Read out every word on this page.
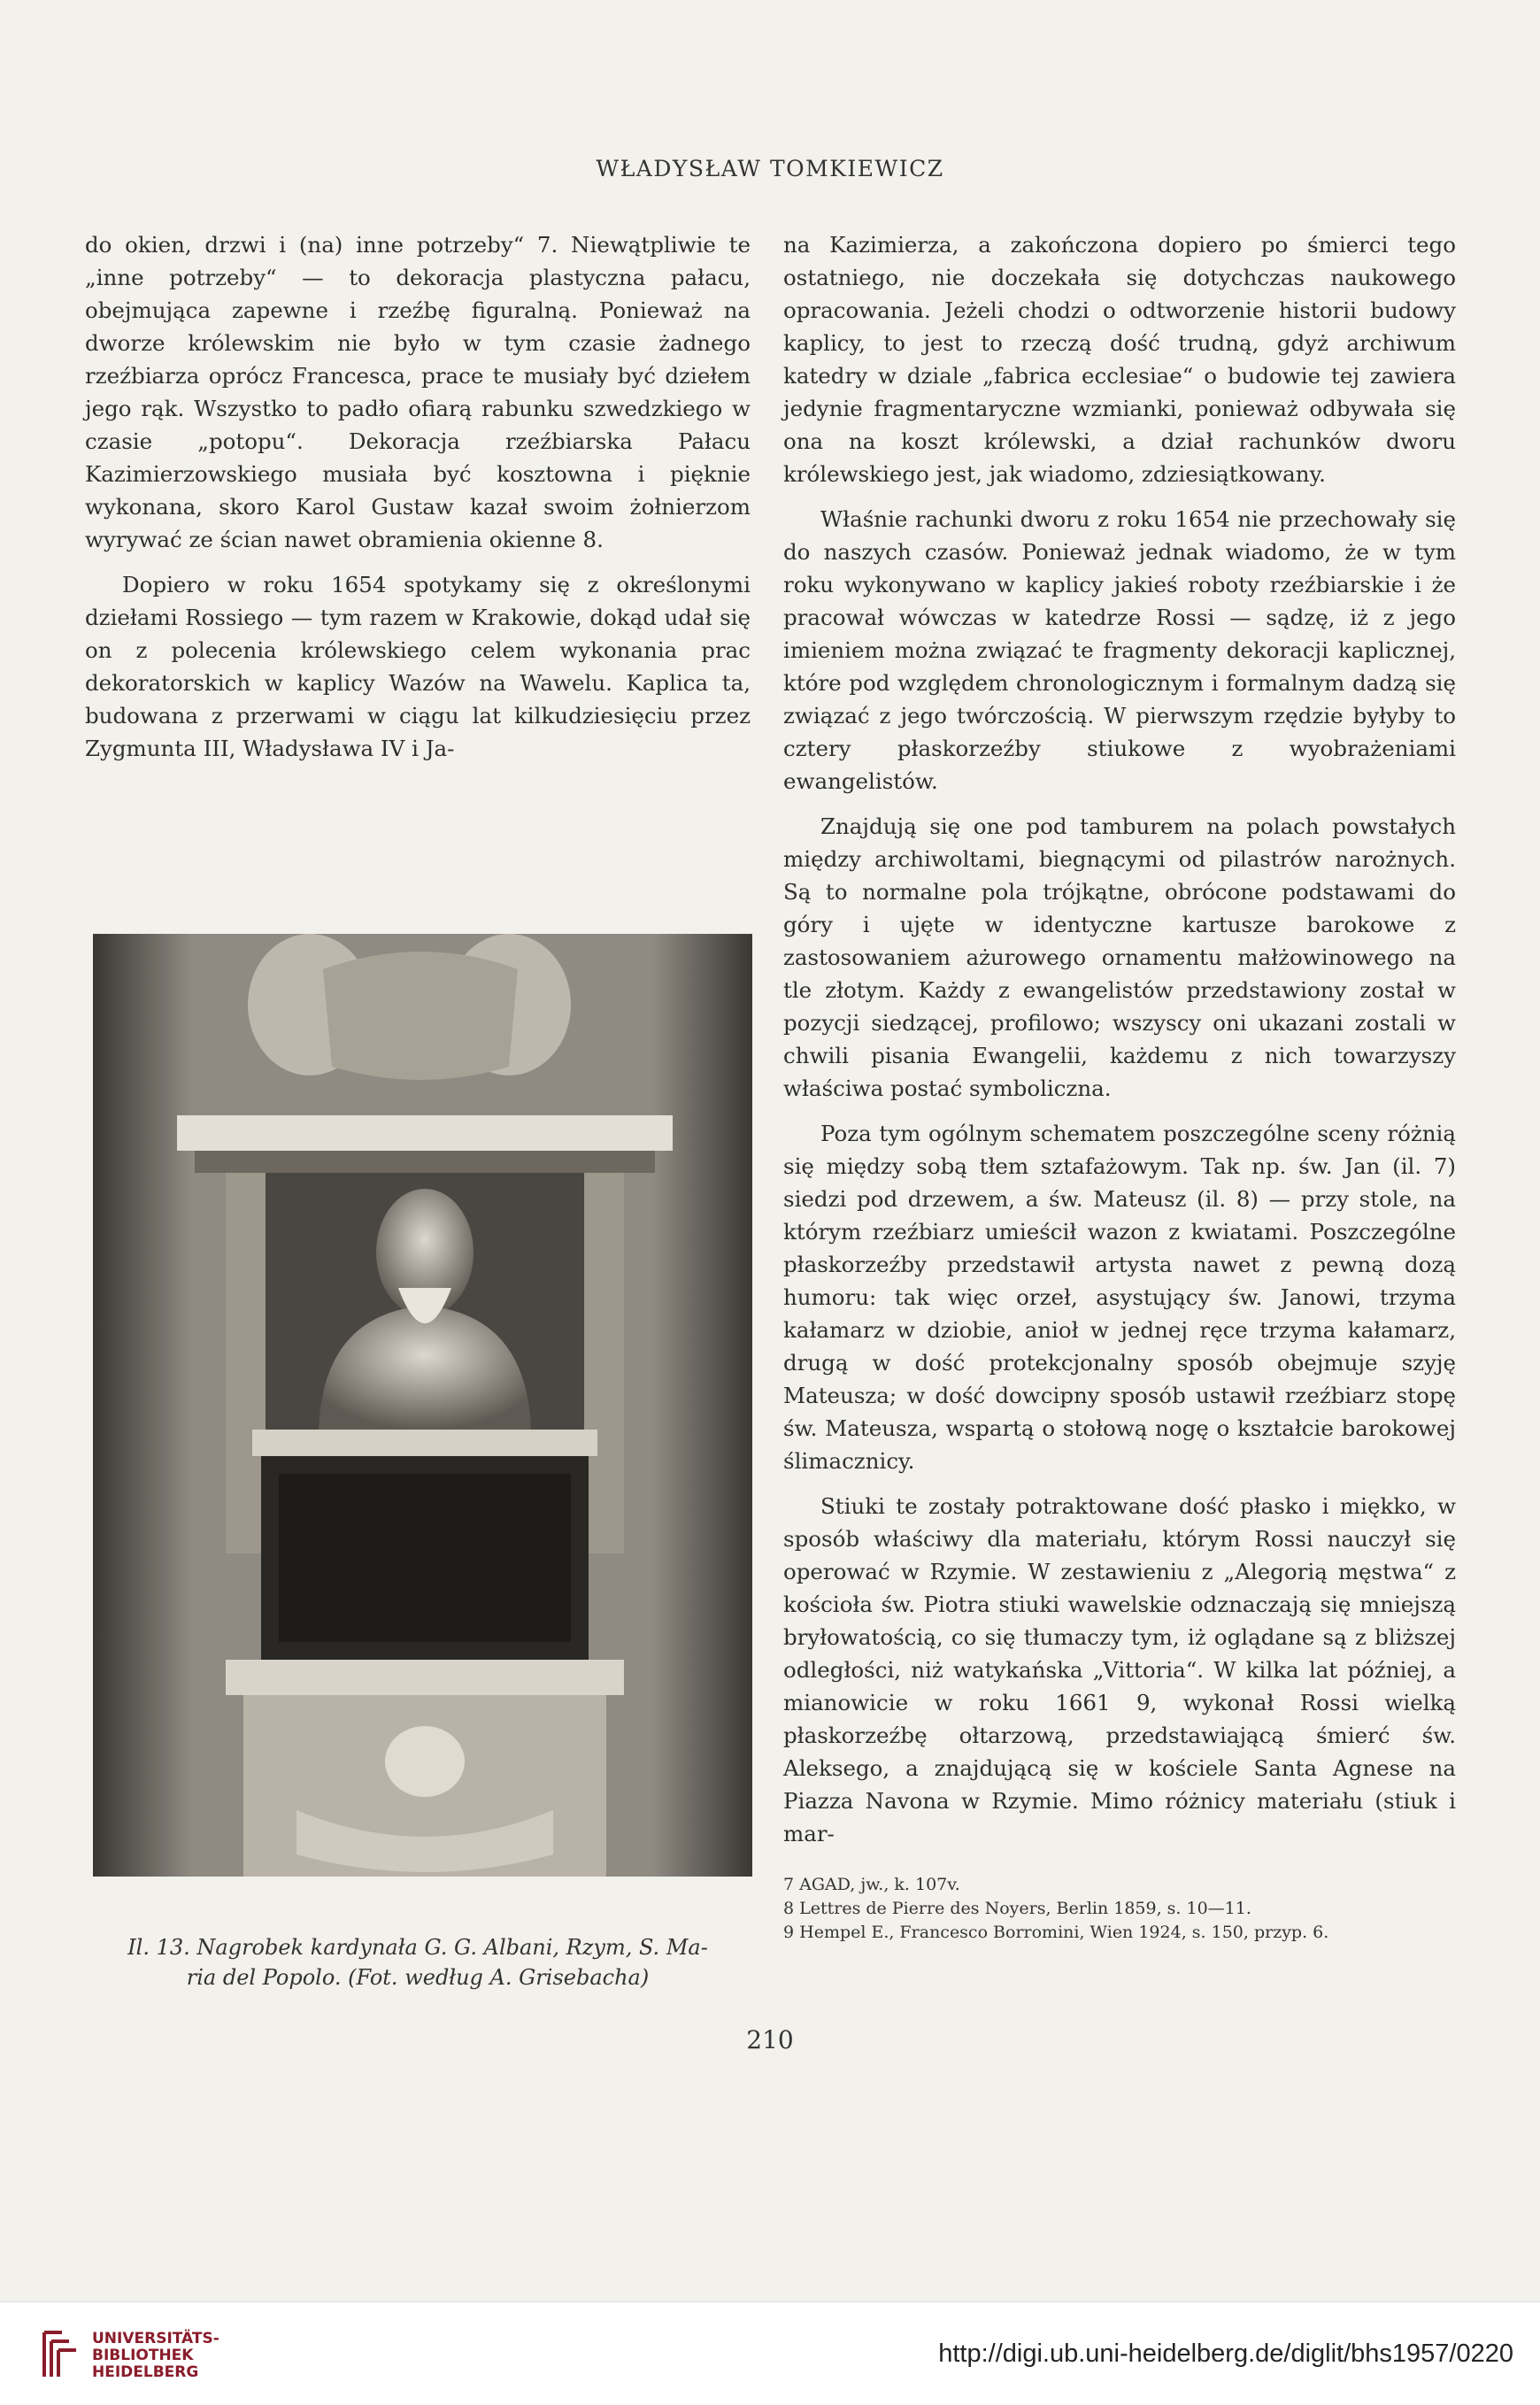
WŁADYSŁAW TOMKIEWICZ

do okien, drzwi i (na) inne potrzeby“ 7. Niewątpliwie te „inne potrzeby“ — to dekoracja plastyczna pałacu, obejmująca zapewne i rzeźbę figuralną. Ponieważ na dworze królewskim nie było w tym czasie żadnego rzeźbiarza oprócz Francesca, prace te musiały być dziełem jego rąk. Wszystko to padło ofiarą rabunku szwedzkiego w czasie „potopu“. Dekoracja rzeźbiarska Pałacu Kazimierzowskiego musiała być kosztowna i pięknie wykonana, skoro Karol Gustaw kazał swoim żołnierzom wyrywać ze ścian nawet obramienia okienne 8.

Dopiero w roku 1654 spotykamy się z określonymi dziełami Rossiego — tym razem w Krakowie, dokąd udał się on z polecenia królewskiego celem wykonania prac dekoratorskich w kaplicy Wazów na Wawelu. Kaplica ta, budowana z przerwami w ciągu lat kilkudziesięciu przez Zygmunta III, Władysława IV i Ja-

na Kazimierza, a zakończona dopiero po śmierci tego ostatniego, nie doczekała się dotychczas naukowego opracowania. Jeżeli chodzi o odtworzenie historii budowy kaplicy, to jest to rzeczą dość trudną, gdyż archiwum katedry w dziale „fabrica ecclesiae“ o budowie tej zawiera jedynie fragmentaryczne wzmianki, ponieważ odbywała się ona na koszt królewski, a dział rachunków dworu królewskiego jest, jak wiadomo, zdziesiątkowany.

Właśnie rachunki dworu z roku 1654 nie przechowały się do naszych czasów. Ponieważ jednak wiadomo, że w tym roku wykonywano w kaplicy jakieś roboty rzeźbiarskie i że pracował wówczas w katedrze Rossi — sądzę, iż z jego imieniem można związać te fragmenty dekoracji kaplicznej, które pod względem chronologicznym i formalnym dadzą się związać z jego twórczością. W pierwszym rzędzie byłyby to cztery płaskorzeźby stiukowe z wyobrażeniami ewangelistów.

Znajdują się one pod tamburem na polach powstałych między archiwoltami, biegnącymi od pilastrów narożnych. Są to normalne pola trójkątne, obrócone podstawami do góry i ujęte w identyczne kartusze barokowe z zastosowaniem ażurowego ornamentu małżowinowego na tle złotym. Każdy z ewangelistów przedstawiony został w pozycji siedzącej, profilowo; wszyscy oni ukazani zostali w chwili pisania Ewangelii, każdemu z nich towarzyszy właściwa postać symboliczna.

Poza tym ogólnym schematem poszczególne sceny różnią się między sobą tłem sztafażowym. Tak np. św. Jan (il. 7) siedzi pod drzewem, a św. Mateusz (il. 8) — przy stole, na którym rzeźbiarz umieścił wazon z kwiatami. Poszczególne płaskorzeźby przedstawił artysta nawet z pewną dozą humoru: tak więc orzeł, asystujący św. Janowi, trzyma kałamarz w dziobie, anioł w jednej ręce trzyma kałamarz, drugą w dość protekcjonalny sposób obejmuje szyję Mateusza; w dość dowcipny sposób ustawił rzeźbiarz stopę św. Mateusza, wspartą o stołową nogę o kształcie barokowej ślimacznicy.

Stiuki te zostały potraktowane dość płasko i miękko, w sposób właściwy dla materiału, którym Rossi nauczył się operować w Rzymie. W zestawieniu z „Alegorią męstwa“ z kościoła św. Piotra stiuki wawelskie odznaczają się mniejszą bryłowatością, co się tłumaczy tym, iż oglądane są z bliższej odległości, niż watykańska „Vittoria“. W kilka lat później, a mianowicie w roku 1661 9, wykonał Rossi wielką płaskorzeźbę ołtarzową, przedstawiającą śmierć św. Aleksego, a znajdującą się w kościele Santa Agnese na Piazza Navona w Rzymie. Mimo różnicy materiału (stiuk i mar-

Il. 13. Nagrobek kardynała G. G. Albani, Rzym, S. Ma-
ria del Popolo. (Fot. według A. Grisebacha)
7 AGAD, jw., k. 107v.
8 Lettres de Pierre des Noyers, Berlin 1859, s. 10—11.
9 Hempel E., Francesco Borromini, Wien 1924, s. 150, przyp. 6.
210
UNIVERSITÄTS-
BIBLIOTHEK
HEIDELBERG
http://digi.ub.uni-heidelberg.de/diglit/bhs1957/0220
